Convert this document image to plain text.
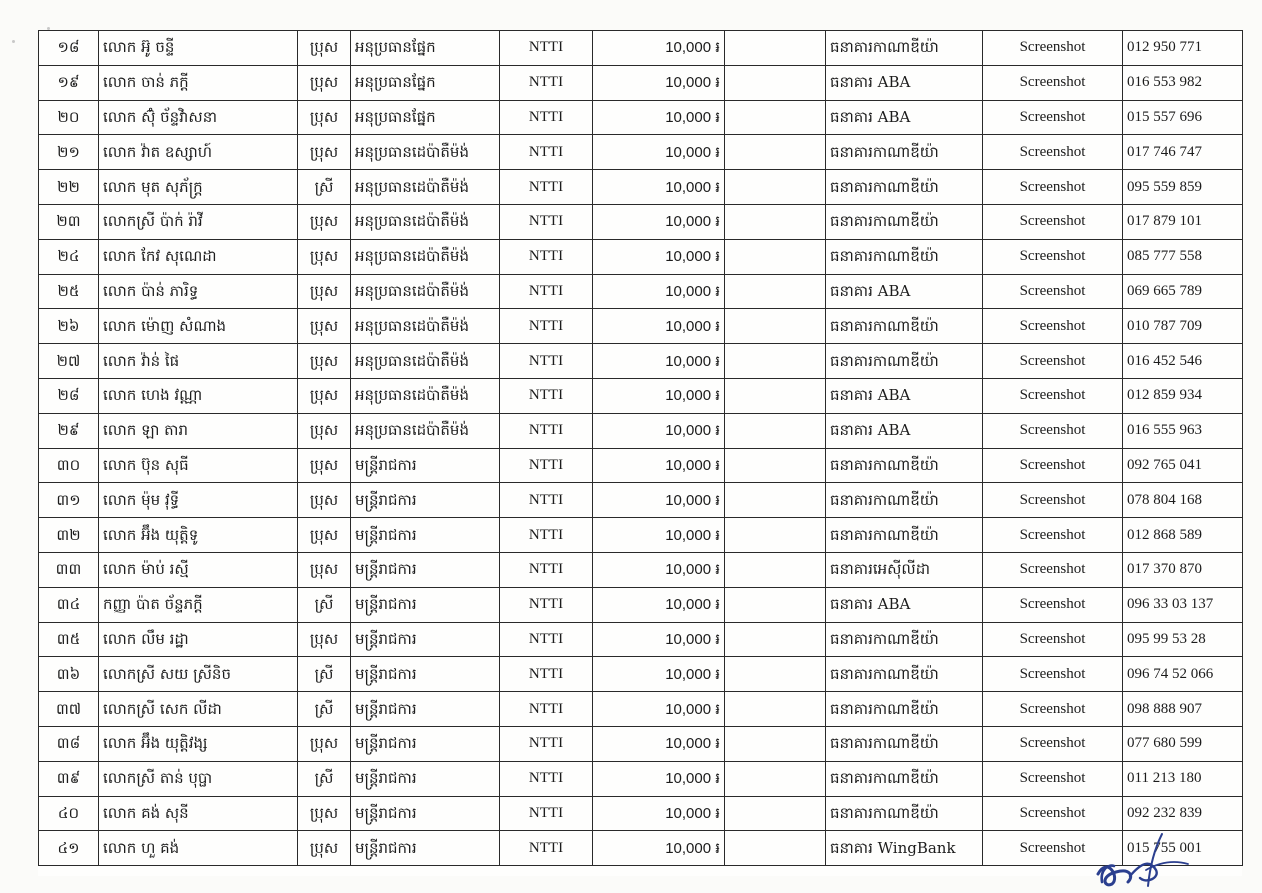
១៨	លោក អ៊ូ ចន្ទី	ប្រុស	អនុប្រធានផ្នែក	NTTI	10,000 ៛		ធនាគារកាណាឌីយ៉ា	Screenshot	012 950 771
១៩	លោក ចាន់ ភក្តី	ប្រុស	អនុប្រធានផ្នែក	NTTI	10,000 ៛		ធនាគារ ABA	Screenshot	016 553 982
២០	លោក ស៊ុំ ច័ន្ទវិាសនា	ប្រុស	អនុប្រធានផ្នែក	NTTI	10,000 ៛		ធនាគារ ABA	Screenshot	015 557 696
២១	លោក វ៉ាត ឧស្សាហ៍	ប្រុស	អនុប្រធានដេប៉ាតឺម៉ង់	NTTI	10,000 ៛		ធនាគារកាណាឌីយ៉ា	Screenshot	017 746 747
២២	លោក មុត សុភ័ក្ត្រ	ស្រី	អនុប្រធានដេប៉ាតឺម៉ង់	NTTI	10,000 ៛		ធនាគារកាណាឌីយ៉ា	Screenshot	095 559 859
២៣	លោកស្រី ប៉ាក់ រ៉ាវី	ប្រុស	អនុប្រធានដេប៉ាតឺម៉ង់	NTTI	10,000 ៛		ធនាគារកាណាឌីយ៉ា	Screenshot	017 879 101
២៤	លោក កែវ សុណេដា	ប្រុស	អនុប្រធានដេប៉ាតឺម៉ង់	NTTI	10,000 ៛		ធនាគារកាណាឌីយ៉ា	Screenshot	085 777 558
២៥	លោក ប៉ាន់ ភារិទ្ធ	ប្រុស	អនុប្រធានដេប៉ាតឺម៉ង់	NTTI	10,000 ៛		ធនាគារ ABA	Screenshot	069 665 789
២៦	លោក ម៉ោញ សំណាង	ប្រុស	អនុប្រធានដេប៉ាតឺម៉ង់	NTTI	10,000 ៛		ធនាគារកាណាឌីយ៉ា	Screenshot	010 787 709
២៧	លោក វ៉ាន់ ផៃ	ប្រុស	អនុប្រធានដេប៉ាតឺម៉ង់	NTTI	10,000 ៛		ធនាគារកាណាឌីយ៉ា	Screenshot	016 452 546
២៨	លោក ហេង វណ្ណា	ប្រុស	អនុប្រធានដេប៉ាតឺម៉ង់	NTTI	10,000 ៛		ធនាគារ ABA	Screenshot	012 859 934
២៩	លោក ឡា តារា	ប្រុស	អនុប្រធានដេប៉ាតឺម៉ង់	NTTI	10,000 ៛		ធនាគារ ABA	Screenshot	016 555 963
៣០	លោក ប៊ុន សុធី	ប្រុស	មន្ត្រីរាជការ	NTTI	10,000 ៛		ធនាគារកាណាឌីយ៉ា	Screenshot	092 765 041
៣១	លោក ម៉ុម វុទ្ធី	ប្រុស	មន្ត្រីរាជការ	NTTI	10,000 ៛		ធនាគារកាណាឌីយ៉ា	Screenshot	078 804 168
៣២	លោក អ៊ឹង យុត្តិទូ	ប្រុស	មន្ត្រីរាជការ	NTTI	10,000 ៛		ធនាគារកាណាឌីយ៉ា	Screenshot	012 868 589
៣៣	លោក ម៉ាប់ រស្មី	ប្រុស	មន្ត្រីរាជការ	NTTI	10,000 ៛		ធនាគារអេស៊ីលីដា	Screenshot	017 370 870
៣៤	កញ្ញា ប៉ាត ច័ន្ទភក្តី	ស្រី	មន្ត្រីរាជការ	NTTI	10,000 ៛		ធនាគារ ABA	Screenshot	096 33 03 137
៣៥	លោក លឹម រដ្ឋា	ប្រុស	មន្ត្រីរាជការ	NTTI	10,000 ៛		ធនាគារកាណាឌីយ៉ា	Screenshot	095 99 53 28
៣៦	លោកស្រី សយ ស្រីនិច	ស្រី	មន្ត្រីរាជការ	NTTI	10,000 ៛		ធនាគារកាណាឌីយ៉ា	Screenshot	096 74 52 066
៣៧	លោកស្រី សេក លីដា	ស្រី	មន្ត្រីរាជការ	NTTI	10,000 ៛		ធនាគារកាណាឌីយ៉ា	Screenshot	098 888 907
៣៨	លោក អ៊ឹង យុត្តិវង្ស	ប្រុស	មន្ត្រីរាជការ	NTTI	10,000 ៛		ធនាគារកាណាឌីយ៉ា	Screenshot	077 680 599
៣៩	លោកស្រី តាន់ បុប្ផា	ស្រី	មន្ត្រីរាជការ	NTTI	10,000 ៛		ធនាគារកាណាឌីយ៉ា	Screenshot	011 213 180
៤០	លោក គង់ សុនី	ប្រុស	មន្ត្រីរាជការ	NTTI	10,000 ៛		ធនាគារកាណាឌីយ៉ា	Screenshot	092 232 839
៤១	លោក ហួ គង់	ប្រុស	មន្ត្រីរាជការ	NTTI	10,000 ៛		ធនាគារ WingBank	Screenshot	015 755 001
